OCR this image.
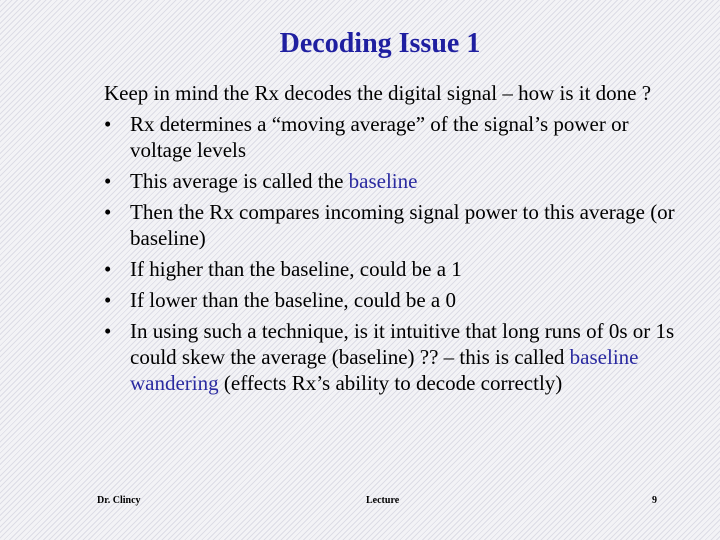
Decoding Issue 1

Keep in mind the Rx decodes the digital signal – how is it done ?

• Rx determines a “moving average” of the signal’s power or voltage levels
• This average is called the baseline
• Then the Rx compares incoming signal power to this average (or baseline)
• If higher than the baseline, could be a 1
• If lower than the baseline, could be a 0
• In using such a technique, is it intuitive that long runs of 0s or 1s could skew the average (baseline) ?? – this is called baseline wandering (effects Rx’s ability to decode correctly)
Dr. Clincy	Lecture	9
